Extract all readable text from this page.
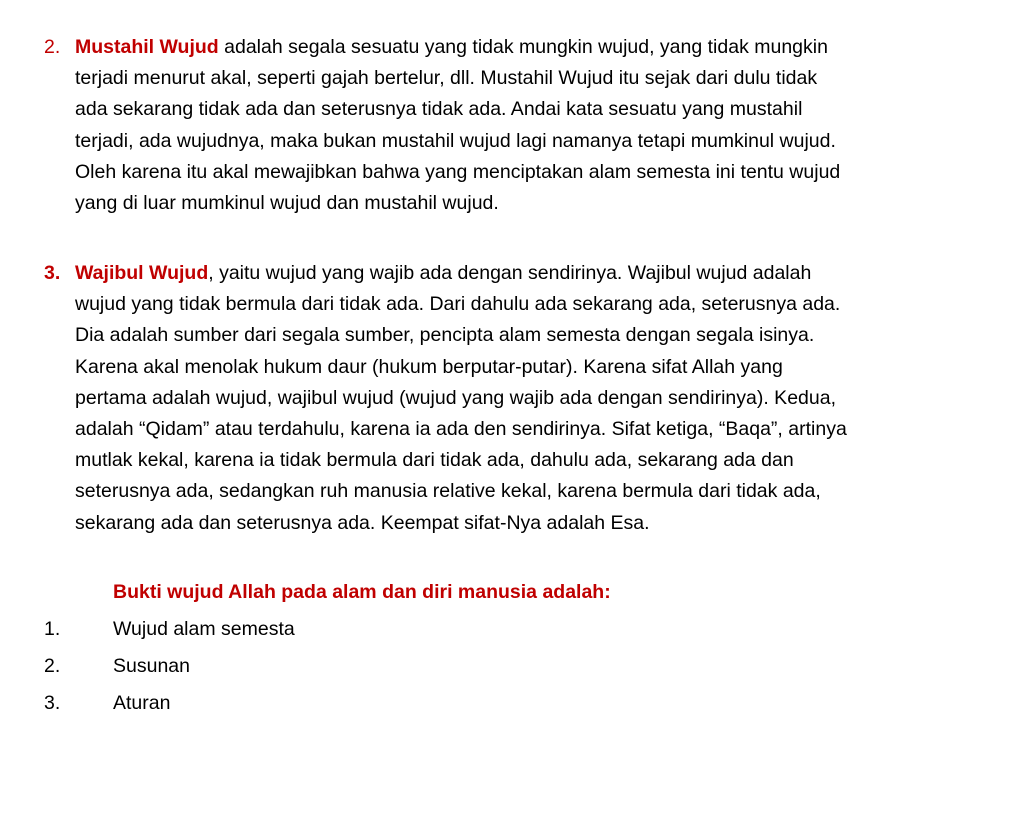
2. Mustahil Wujud adalah segala sesuatu yang tidak mungkin wujud, yang tidak mungkin
terjadi menurut akal, seperti gajah bertelur, dll. Mustahil Wujud itu sejak dari dulu tidak
ada sekarang tidak ada dan seterusnya tidak ada. Andai kata sesuatu yang mustahil
terjadi, ada wujudnya, maka bukan mustahil wujud lagi namanya tetapi mumkinul wujud.
Oleh karena itu akal mewajibkan bahwa yang menciptakan alam semesta ini tentu wujud
yang di luar mumkinul wujud dan mustahil wujud.
3. Wajibul Wujud, yaitu wujud yang wajib ada dengan sendirinya. Wajibul wujud adalah
wujud yang tidak bermula dari tidak ada. Dari dahulu ada sekarang ada, seterusnya ada.
Dia adalah sumber dari segala sumber, pencipta alam semesta dengan segala isinya.
Karena akal menolak hukum daur (hukum berputar-putar). Karena sifat Allah yang
pertama adalah wujud, wajibul wujud (wujud yang wajib ada dengan sendirinya). Kedua,
adalah “Qidam” atau terdahulu, karena ia ada den sendirinya. Sifat ketiga, “Baqa”, artinya
mutlak kekal, karena ia tidak bermula dari tidak ada, dahulu ada, sekarang ada dan
seterusnya ada, sedangkan ruh manusia relative kekal, karena bermula dari tidak ada,
sekarang ada dan seterusnya ada. Keempat sifat-Nya adalah Esa.
Bukti wujud Allah pada alam dan diri manusia adalah:
1.	Wujud alam semesta
2.	Susunan
3.	Aturan
